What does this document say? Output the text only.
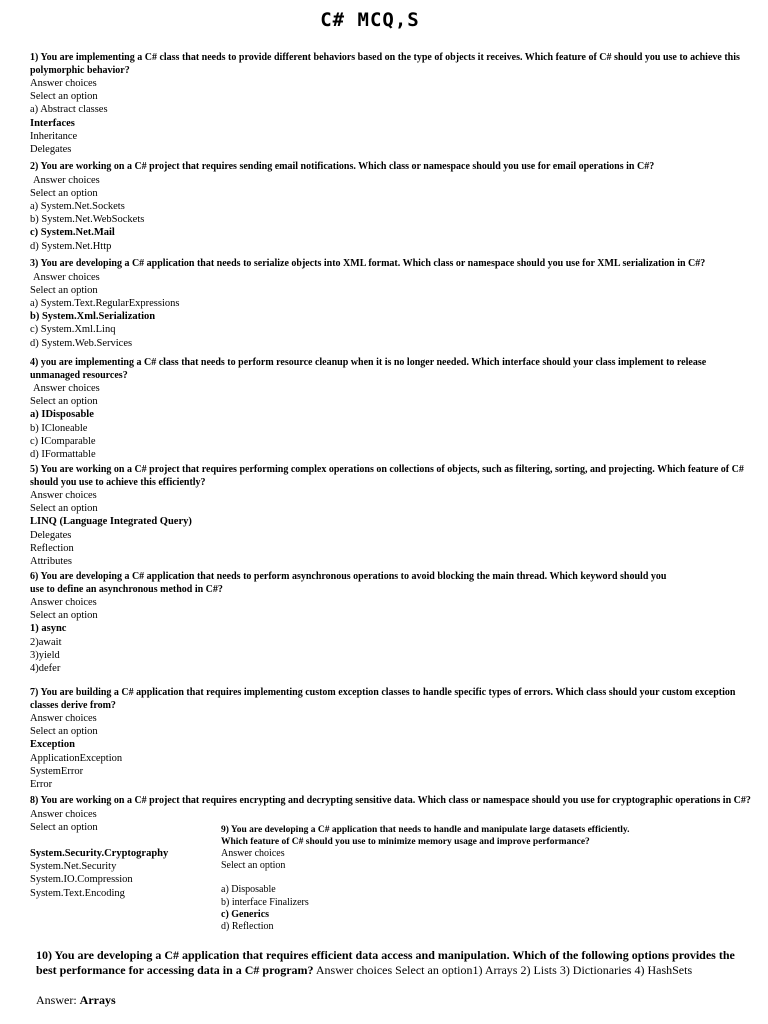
C# MCQ,S
1) You are implementing a C# class that needs to provide different behaviors based on the type of objects it receives. Which feature of C# should you use to achieve this polymorphic behavior?
Answer choices
Select an option
a) Abstract classes
Interfaces
Inheritance
Delegates
2) You are working on a C# project that requires sending email notifications. Which class or namespace should you use for email operations in C#?
Answer choices
Select an option
a) System.Net.Sockets
b) System.Net.WebSockets
c) System.Net.Mail
d) System.Net.Http
3) You are developing a C# application that needs to serialize objects into XML format. Which class or namespace should you use for XML serialization in C#?
Answer choices
Select an option
a) System.Text.RegularExpressions
b) System.Xml.Serialization
c) System.Xml.Linq
d) System.Web.Services
4) you are implementing a C# class that needs to perform resource cleanup when it is no longer needed. Which interface should your class implement to release unmanaged resources?
Answer choices
Select an option
a) IDisposable
b) ICloneable
c) IComparable
d) IFormattable
5) You are working on a C# project that requires performing complex operations on collections of objects, such as filtering, sorting, and projecting. Which feature of C# should you use to achieve this efficiently?
Answer choices
Select an option
LINQ (Language Integrated Query)
Delegates
Reflection
Attributes
6) You are developing a C# application that needs to perform asynchronous operations to avoid blocking the main thread. Which keyword should you
use to define an asynchronous method in C#?
Answer choices
Select an option
1) async
2)await
3)yield
4)defer
7) You are building a C# application that requires implementing custom exception classes to handle specific types of errors. Which class should your custom exception classes derive from?
Answer choices
Select an option
Exception
ApplicationException
SystemError
Error
8) You are working on a C# project that requires encrypting and decrypting sensitive data. Which class or namespace should you use for cryptographic operations in C#?
Answer choices
Select an option
System.Security.Cryptography
System.Net.Security
System.IO.Compression
System.Text.Encoding
9) You are developing a C# application that needs to handle and manipulate large datasets efficiently.
Which feature of C# should you use to minimize memory usage and improve performance?
Answer choices
Select an option
a) Disposable
b) interface Finalizers
c) Generics
d) Reflection
10) You are developing a C# application that requires efficient data access and manipulation. Which of the following options provides the best performance for accessing data in a C# program? Answer choices Select an option1) Arrays 2) Lists 3) Dictionaries 4) HashSets
Answer: Arrays
